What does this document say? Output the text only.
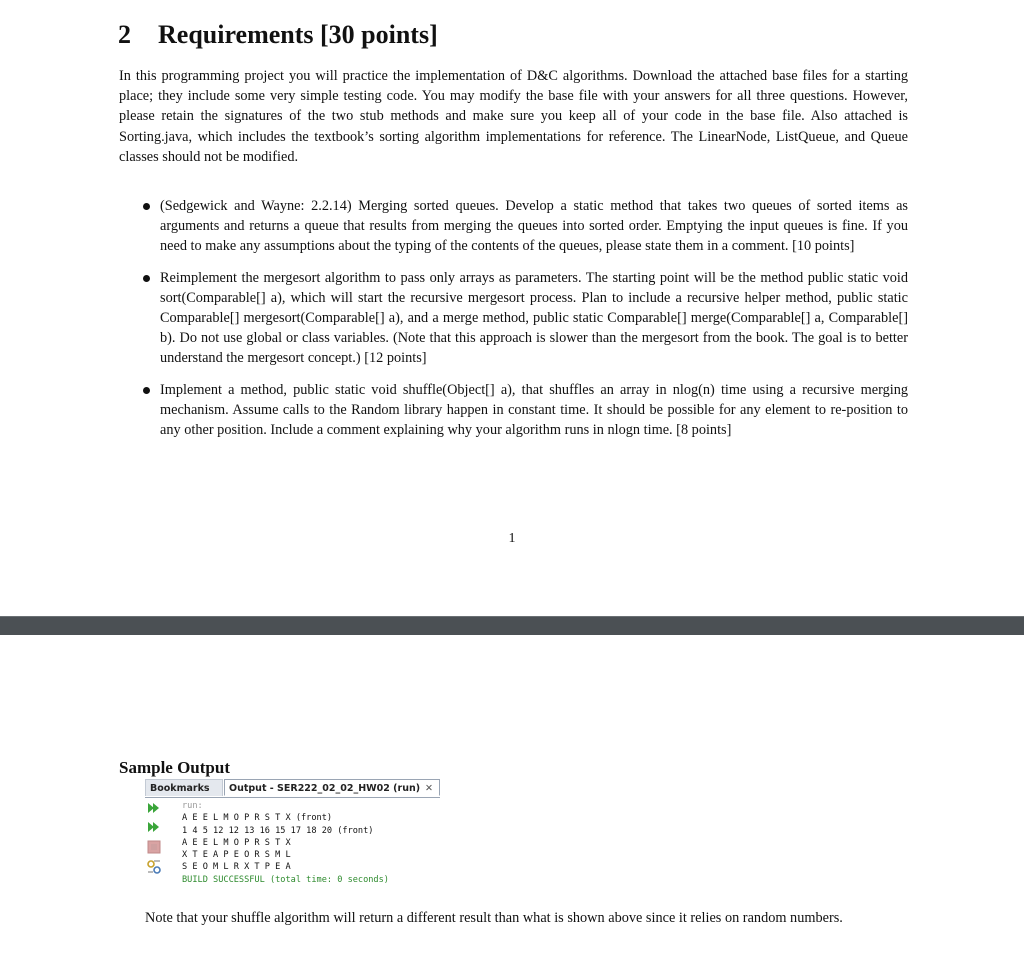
2 Requirements [30 points]

In this programming project you will practice the implementation of D&C algorithms. Download the attached base files for a starting place; they include some very simple testing code. You may modify the base file with your answers for all three questions. However, please retain the signatures of the two stub methods and make sure you keep all of your code in the base file. Also attached is Sorting.java, which includes the textbook’s sorting algorithm implementations for reference. The LinearNode, ListQueue, and Queue classes should not be modified.

(Sedgewick and Wayne: 2.2.14) Merging sorted queues. Develop a static method that takes two queues of sorted items as arguments and returns a queue that results from merging the queues into sorted order. Emptying the input queues is fine. If you need to make any assumptions about the typing of the contents of the queues, please state them in a comment. [10 points]
Reimplement the mergesort algorithm to pass only arrays as parameters. The starting point will be the method public static void sort(Comparable[] a), which will start the recursive mergesort process. Plan to include a recursive helper method, public static Comparable[] mergesort(Comparable[] a), and a merge method, public static Comparable[] merge(Comparable[] a, Comparable[] b). Do not use global or class variables. (Note that this approach is slower than the mergesort from the book. The goal is to better understand the mergesort concept.) [12 points]
Implement a method, public static void shuffle(Object[] a), that shuffles an array in nlog(n) time using a recursive merging mechanism. Assume calls to the Random library happen in constant time. It should be possible for any element to re-position to any other position. Include a comment explaining why your algorithm runs in nlogn time. [8 points]
1
Sample Output
Bookmarks	Output - SER222_02_02_HW02 (run) ✕
run:
A E E L M O P R S T X (front)
1 4 5 12 12 13 16 15 17 18 20 (front)
A E E L M O P R S T X
X T E A P E O R S M L
S E O M L R X T P E A
BUILD SUCCESSFUL (total time: 0 seconds)

Note that your shuffle algorithm will return a different result than what is shown above since it relies on random numbers.
